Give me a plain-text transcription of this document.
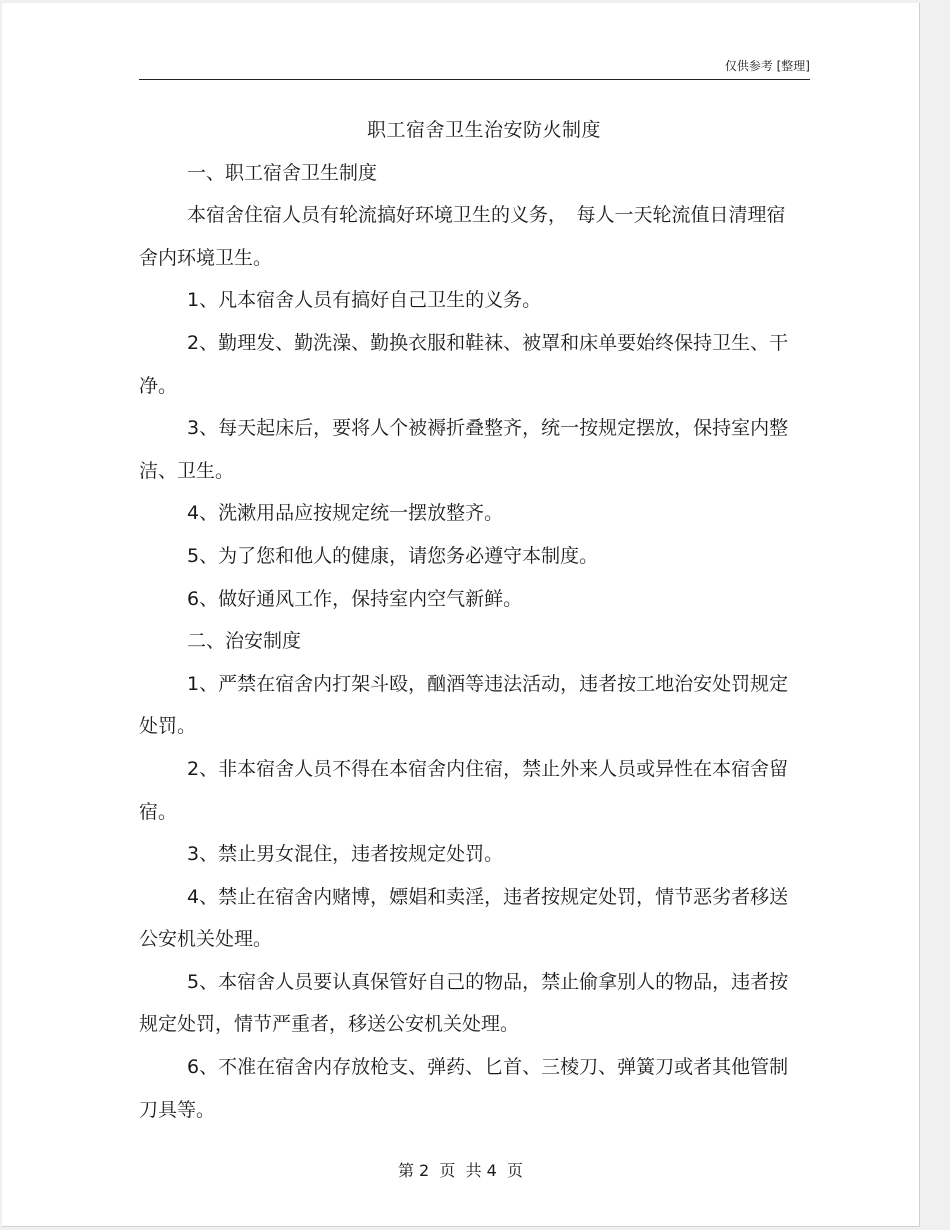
仅供参考 [整理]
职工宿舍卫生治安防火制度

一、职工宿舍卫生制度

本宿舍住宿人员有轮流搞好环境卫生的义务，　每人一天轮流值日清理宿舍内环境卫生。

1、凡本宿舍人员有搞好自己卫生的义务。

2、勤理发、勤洗澡、勤换衣服和鞋袜、被罩和床单要始终保持卫生、干净。

3、每天起床后，要将人个被褥折叠整齐，统一按规定摆放，保持室内整洁、卫生。

4、洗漱用品应按规定统一摆放整齐。

5、为了您和他人的健康，请您务必遵守本制度。

6、做好通风工作，保持室内空气新鲜。

二、治安制度

1、严禁在宿舍内打架斗殴，酗酒等违法活动，违者按工地治安处罚规定处罚。

2、非本宿舍人员不得在本宿舍内住宿，禁止外来人员或异性在本宿舍留宿。

3、禁止男女混住，违者按规定处罚。

4、禁止在宿舍内赌博，嫖娼和卖淫，违者按规定处罚，情节恶劣者移送公安机关处理。

5、本宿舍人员要认真保管好自己的物品，禁止偷拿别人的物品，违者按规定处罚，情节严重者，移送公安机关处理。

6、不准在宿舍内存放枪支、弹药、匕首、三棱刀、弹簧刀或者其他管制刀具等。

第 2  页  共 4  页
